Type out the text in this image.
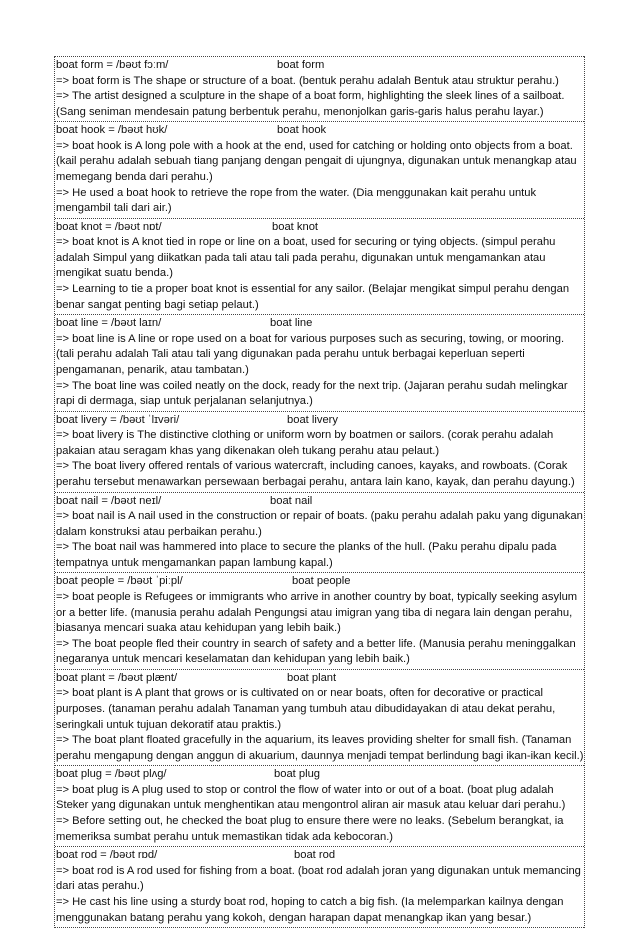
boat form = /bəʊt fɔːm/	boat form
=> boat form is The shape or structure of a boat. (bentuk perahu adalah Bentuk atau struktur perahu.)
=> The artist designed a sculpture in the shape of a boat form, highlighting the sleek lines of a sailboat. (Sang seniman mendesain patung berbentuk perahu, menonjolkan garis-garis halus perahu layar.)
boat hook = /bəʊt hʊk/	boat hook
=> boat hook is A long pole with a hook at the end, used for catching or holding onto objects from a boat. (kail perahu adalah sebuah tiang panjang dengan pengait di ujungnya, digunakan untuk menangkap atau memegang benda dari perahu.)
=> He used a boat hook to retrieve the rope from the water. (Dia menggunakan kait perahu untuk mengambil tali dari air.)
boat knot = /bəʊt nɒt/	boat knot
=> boat knot is A knot tied in rope or line on a boat, used for securing or tying objects. (simpul perahu adalah Simpul yang diikatkan pada tali atau tali pada perahu, digunakan untuk mengamankan atau mengikat suatu benda.)
=> Learning to tie a proper boat knot is essential for any sailor. (Belajar mengikat simpul perahu dengan benar sangat penting bagi setiap pelaut.)
boat line = /bəʊt laɪn/	boat line
=> boat line is A line or rope used on a boat for various purposes such as securing, towing, or mooring. (tali perahu adalah Tali atau tali yang digunakan pada perahu untuk berbagai keperluan seperti pengamanan, penarik, atau tambatan.)
=> The boat line was coiled neatly on the dock, ready for the next trip. (Jajaran perahu sudah melingkar rapi di dermaga, siap untuk perjalanan selanjutnya.)
boat livery = /bəʊt ˈlɪvəri/	boat livery
=> boat livery is The distinctive clothing or uniform worn by boatmen or sailors. (corak perahu adalah pakaian atau seragam khas yang dikenakan oleh tukang perahu atau pelaut.)
=> The boat livery offered rentals of various watercraft, including canoes, kayaks, and rowboats. (Corak perahu tersebut menawarkan persewaan berbagai perahu, antara lain kano, kayak, dan perahu dayung.)
boat nail = /bəʊt neɪl/	boat nail
=> boat nail is A nail used in the construction or repair of boats. (paku perahu adalah paku yang digunakan dalam konstruksi atau perbaikan perahu.)
=> The boat nail was hammered into place to secure the planks of the hull. (Paku perahu dipalu pada tempatnya untuk mengamankan papan lambung kapal.)
boat people = /bəʊt ˈpiːpl/	boat people
=> boat people is Refugees or immigrants who arrive in another country by boat, typically seeking asylum or a better life. (manusia perahu adalah Pengungsi atau imigran yang tiba di negara lain dengan perahu, biasanya mencari suaka atau kehidupan yang lebih baik.)
=> The boat people fled their country in search of safety and a better life. (Manusia perahu meninggalkan negaranya untuk mencari keselamatan dan kehidupan yang lebih baik.)
boat plant = /bəʊt plænt/	boat plant
=> boat plant is A plant that grows or is cultivated on or near boats, often for decorative or practical purposes. (tanaman perahu adalah Tanaman yang tumbuh atau dibudidayakan di atau dekat perahu, seringkali untuk tujuan dekoratif atau praktis.)
=> The boat plant floated gracefully in the aquarium, its leaves providing shelter for small fish. (Tanaman perahu mengapung dengan anggun di akuarium, daunnya menjadi tempat berlindung bagi ikan-ikan kecil.)
boat plug = /bəʊt plʌg/	boat plug
=> boat plug is A plug used to stop or control the flow of water into or out of a boat. (boat plug adalah Steker yang digunakan untuk menghentikan atau mengontrol aliran air masuk atau keluar dari perahu.)
=> Before setting out, he checked the boat plug to ensure there were no leaks. (Sebelum berangkat, ia memeriksa sumbat perahu untuk memastikan tidak ada kebocoran.)
boat rod = /bəʊt rɒd/	boat rod
=> boat rod is A rod used for fishing from a boat. (boat rod adalah joran yang digunakan untuk memancing dari atas perahu.)
=> He cast his line using a sturdy boat rod, hoping to catch a big fish. (Ia melemparkan kailnya dengan menggunakan batang perahu yang kokoh, dengan harapan dapat menangkap ikan yang besar.)
